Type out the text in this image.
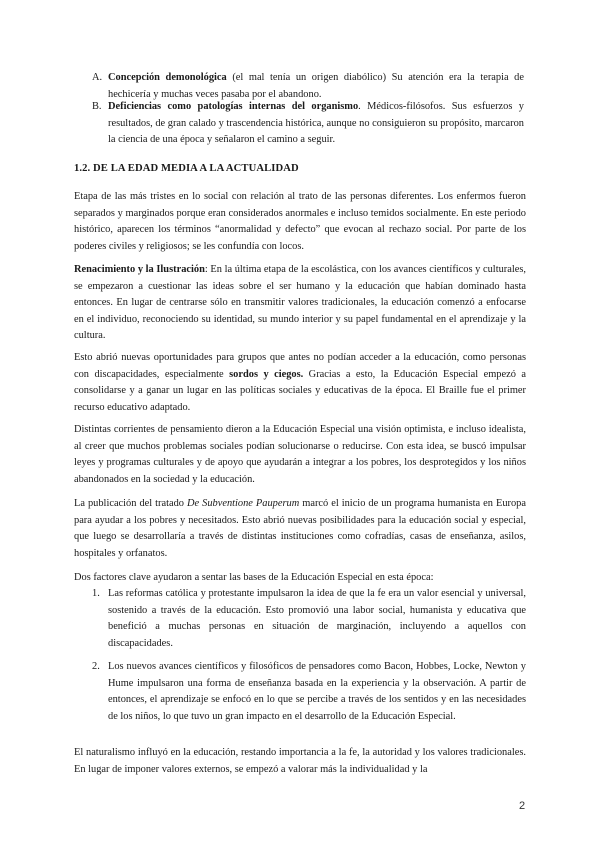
A. Concepción demonológica (el mal tenía un origen diabólico) Su atención era la terapia de hechicería y muchas veces pasaba por el abandono.
B. Deficiencias como patologías internas del organismo. Médicos-filósofos. Sus esfuerzos y resultados, de gran calado y trascendencia histórica, aunque no consiguieron su propósito, marcaron la ciencia de una época y señalaron el camino a seguir.
1.2. DE LA EDAD MEDIA A LA ACTUALIDAD
Etapa de las más tristes en lo social con relación al trato de las personas diferentes. Los enfermos fueron separados y marginados porque eran considerados anormales e incluso temidos socialmente. En este periodo histórico, aparecen los términos “anormalidad y defecto” que evocan al rechazo social. Por parte de los poderes civiles y religiosos; se les confundía con locos.
Renacimiento y la Ilustración: En la última etapa de la escolástica, con los avances científicos y culturales, se empezaron a cuestionar las ideas sobre el ser humano y la educación que habían dominado hasta entonces. En lugar de centrarse sólo en transmitir valores tradicionales, la educación comenzó a enfocarse en el individuo, reconociendo su identidad, su mundo interior y su papel fundamental en el aprendizaje y la cultura.
Esto abrió nuevas oportunidades para grupos que antes no podían acceder a la educación, como personas con discapacidades, especialmente sordos y ciegos. Gracias a esto, la Educación Especial empezó a consolidarse y a ganar un lugar en las políticas sociales y educativas de la época. El Braille fue el primer recurso educativo adaptado.
Distintas corrientes de pensamiento dieron a la Educación Especial una visión optimista, e incluso idealista, al creer que muchos problemas sociales podían solucionarse o reducirse. Con esta idea, se buscó impulsar leyes y programas culturales y de apoyo que ayudarán a integrar a los pobres, los desprotegidos y los niños abandonados en la sociedad y la educación.
La publicación del tratado De Subventione Pauperum marcó el inicio de un programa humanista en Europa para ayudar a los pobres y necesitados. Esto abrió nuevas posibilidades para la educación social y especial, que luego se desarrollaría a través de distintas instituciones como cofradías, casas de enseñanza, asilos, hospitales y orfanatos.
Dos factores clave ayudaron a sentar las bases de la Educación Especial en esta época:
1. Las reformas católica y protestante impulsaron la idea de que la fe era un valor esencial y universal, sostenido a través de la educación. Esto promovió una labor social, humanista y educativa que benefició a muchas personas en situación de marginación, incluyendo a aquellos con discapacidades.
2. Los nuevos avances científicos y filosóficos de pensadores como Bacon, Hobbes, Locke, Newton y Hume impulsaron una forma de enseñanza basada en la experiencia y la observación. A partir de entonces, el aprendizaje se enfocó en lo que se percibe a través de los sentidos y en las necesidades de los niños, lo que tuvo un gran impacto en el desarrollo de la Educación Especial.
El naturalismo influyó en la educación, restando importancia a la fe, la autoridad y los valores tradicionales. En lugar de imponer valores externos, se empezó a valorar más la individualidad y la
2
